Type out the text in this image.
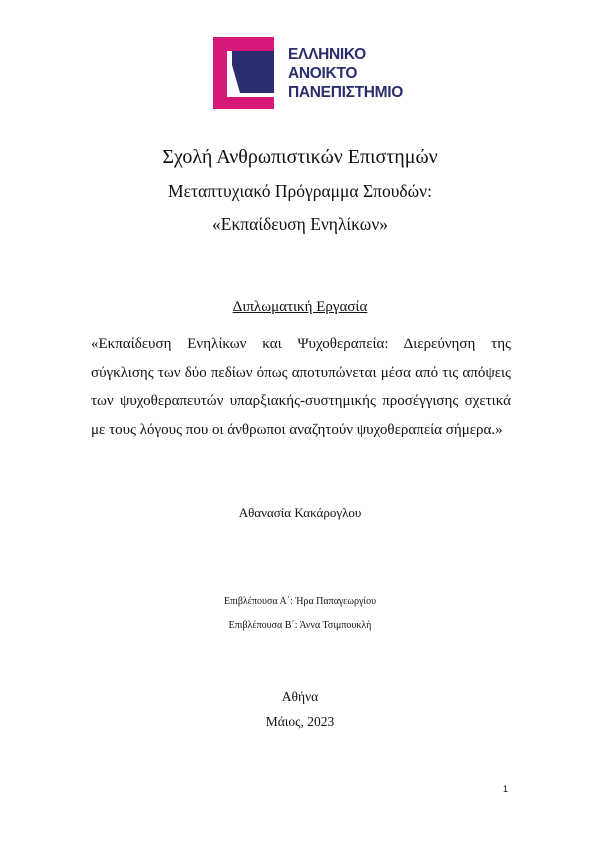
ΕΛΛΗΝΙΚΟ
ΑΝΟΙΚΤΟ
ΠΑΝΕΠΙΣΤΗΜΙΟ
Σχολή Ανθρωπιστικών Επιστημών
Μεταπτυχιακό Πρόγραμμα Σπουδών:
«Εκπαίδευση Ενηλίκων»
Διπλωματική Εργασία

«Εκπαίδευση Ενηλίκων και Ψυχοθεραπεία: Διερεύνηση της σύγκλισης των δύο πεδίων όπως αποτυπώνεται μέσα από τις απόψεις των ψυχοθεραπευτών υπαρξιακής-συστημικής προσέγγισης σχετικά με τους λόγους που οι άνθρωποι αναζητούν ψυχοθεραπεία σήμερα.»

Αθανασία Κακάρογλου
Επιβλέπουσα Α΄: Ήρα Παπαγεωργίου
Επιβλέπουσα Β΄: Άννα Τσιμπουκλή
Αθήνα
Μάιος, 2023
1
